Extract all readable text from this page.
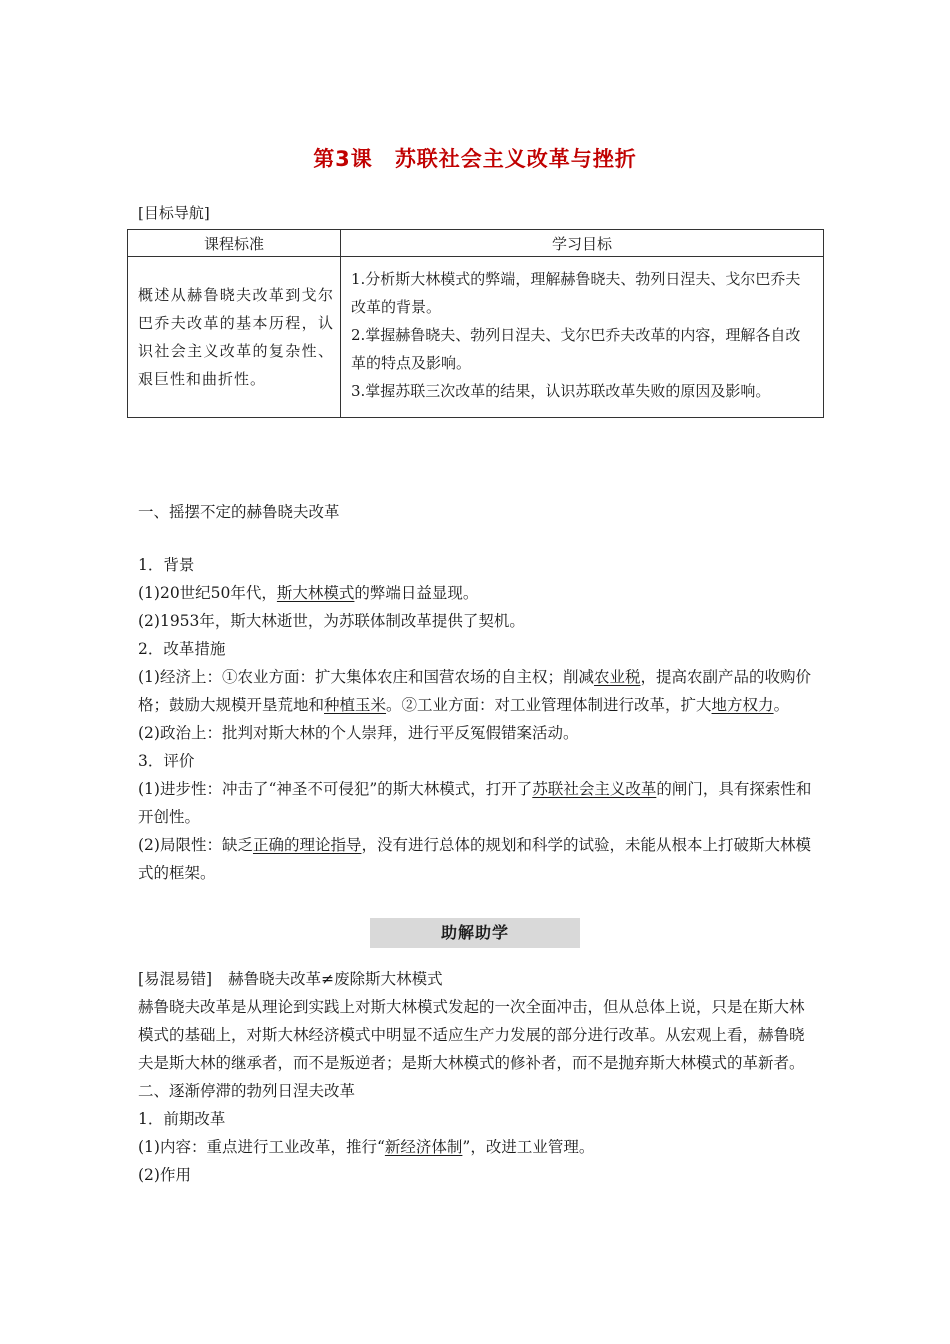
第3课 苏联社会主义改革与挫折
[目标导航]
课程标准	学习目标
概述从赫鲁晓夫改革到戈尔巴乔夫改革的基本历程，认识社会主义改革的复杂性、艰巨性和曲折性。	1.分析斯大林模式的弊端，理解赫鲁晓夫、勃列日涅夫、戈尔巴乔夫改革的背景。
2.掌握赫鲁晓夫、勃列日涅夫、戈尔巴乔夫改革的内容，理解各自改革的特点及影响。
3.掌握苏联三次改革的结果，认识苏联改革失败的原因及影响。
一、摇摆不定的赫鲁晓夫改革
1．背景
(1)20世纪50年代，斯大林模式的弊端日益显现。
(2)1953年，斯大林逝世，为苏联体制改革提供了契机。
2．改革措施
(1)经济上：①农业方面：扩大集体农庄和国营农场的自主权；削减农业税，提高农副产品的收购价格；鼓励大规模开垦荒地和种植玉米。②工业方面：对工业管理体制进行改革，扩大地方权力。
(2)政治上：批判对斯大林的个人崇拜，进行平反冤假错案活动。
3．评价
(1)进步性：冲击了“神圣不可侵犯”的斯大林模式，打开了苏联社会主义改革的闸门，具有探索性和开创性。
(2)局限性：缺乏正确的理论指导，没有进行总体的规划和科学的试验，未能从根本上打破斯大林模式的框架。
助解助学
[易混易错] 赫鲁晓夫改革≠废除斯大林模式
赫鲁晓夫改革是从理论到实践上对斯大林模式发起的一次全面冲击，但从总体上说，只是在斯大林模式的基础上，对斯大林经济模式中明显不适应生产力发展的部分进行改革。从宏观上看，赫鲁晓夫是斯大林的继承者，而不是叛逆者；是斯大林模式的修补者，而不是抛弃斯大林模式的革新者。
二、逐渐停滞的勃列日涅夫改革
1．前期改革
(1)内容：重点进行工业改革，推行“新经济体制”，改进工业管理。
(2)作用
